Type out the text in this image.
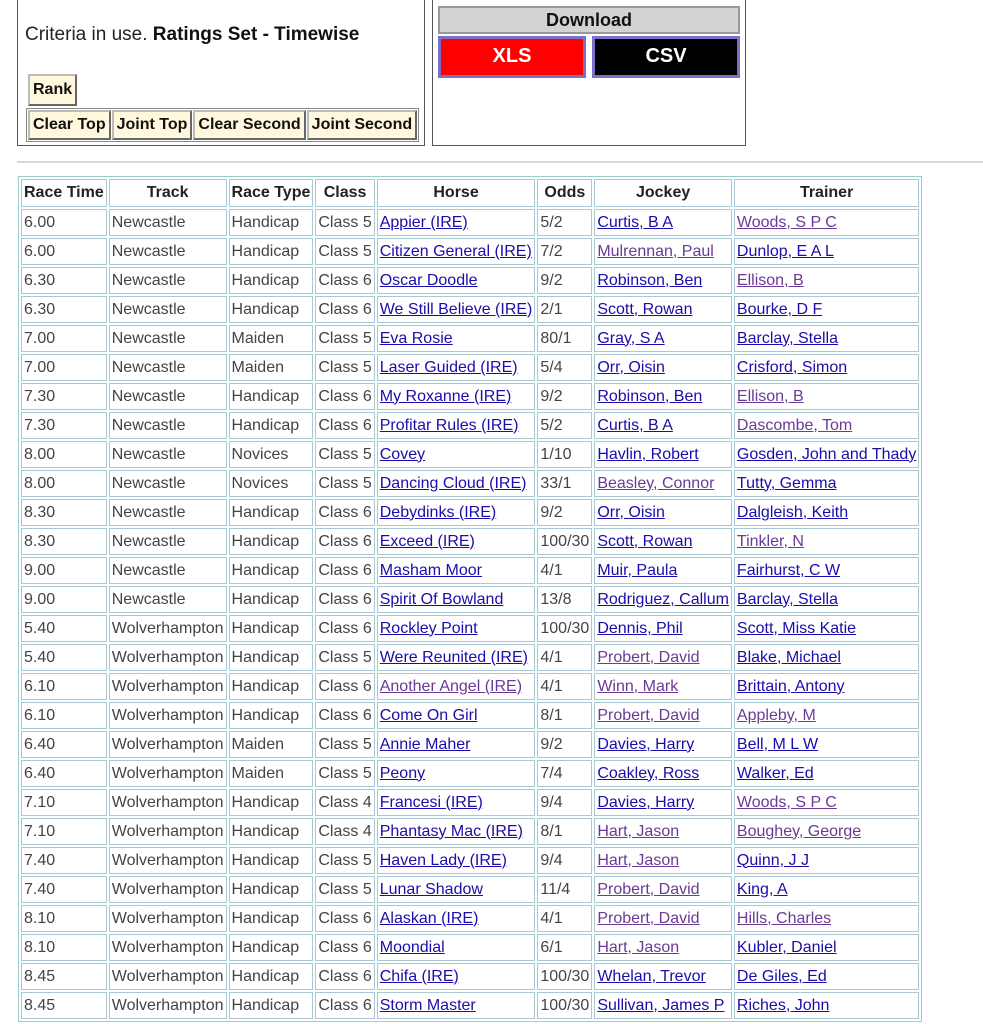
Criteria in use. Ratings Set - Timewise
Rank
Clear Top Joint Top Clear Second Joint Second
Download
XLS	CSV
Race Time	Track	Race Type	Class	Horse	Odds	Jockey	Trainer
6.00	Newcastle	Handicap	Class 5	Appier (IRE)	5/2	Curtis, B A	Woods, S P C
6.00	Newcastle	Handicap	Class 5	Citizen General (IRE)	7/2	Mulrennan, Paul	Dunlop, E A L
6.30	Newcastle	Handicap	Class 6	Oscar Doodle	9/2	Robinson, Ben	Ellison, B
6.30	Newcastle	Handicap	Class 6	We Still Believe (IRE)	2/1	Scott, Rowan	Bourke, D F
7.00	Newcastle	Maiden	Class 5	Eva Rosie	80/1	Gray, S A	Barclay, Stella
7.00	Newcastle	Maiden	Class 5	Laser Guided (IRE)	5/4	Orr, Oisin	Crisford, Simon
7.30	Newcastle	Handicap	Class 6	My Roxanne (IRE)	9/2	Robinson, Ben	Ellison, B
7.30	Newcastle	Handicap	Class 6	Profitar Rules (IRE)	5/2	Curtis, B A	Dascombe, Tom
8.00	Newcastle	Novices	Class 5	Covey	1/10	Havlin, Robert	Gosden, John and Thady
8.00	Newcastle	Novices	Class 5	Dancing Cloud (IRE)	33/1	Beasley, Connor	Tutty, Gemma
8.30	Newcastle	Handicap	Class 6	Debydinks (IRE)	9/2	Orr, Oisin	Dalgleish, Keith
8.30	Newcastle	Handicap	Class 6	Exceed (IRE)	100/30	Scott, Rowan	Tinkler, N
9.00	Newcastle	Handicap	Class 6	Masham Moor	4/1	Muir, Paula	Fairhurst, C W
9.00	Newcastle	Handicap	Class 6	Spirit Of Bowland	13/8	Rodriguez, Callum	Barclay, Stella
5.40	Wolverhampton	Handicap	Class 6	Rockley Point	100/30	Dennis, Phil	Scott, Miss Katie
5.40	Wolverhampton	Handicap	Class 5	Were Reunited (IRE)	4/1	Probert, David	Blake, Michael
6.10	Wolverhampton	Handicap	Class 6	Another Angel (IRE)	4/1	Winn, Mark	Brittain, Antony
6.10	Wolverhampton	Handicap	Class 6	Come On Girl	8/1	Probert, David	Appleby, M
6.40	Wolverhampton	Maiden	Class 5	Annie Maher	9/2	Davies, Harry	Bell, M L W
6.40	Wolverhampton	Maiden	Class 5	Peony	7/4	Coakley, Ross	Walker, Ed
7.10	Wolverhampton	Handicap	Class 4	Francesi (IRE)	9/4	Davies, Harry	Woods, S P C
7.10	Wolverhampton	Handicap	Class 4	Phantasy Mac (IRE)	8/1	Hart, Jason	Boughey, George
7.40	Wolverhampton	Handicap	Class 5	Haven Lady (IRE)	9/4	Hart, Jason	Quinn, J J
7.40	Wolverhampton	Handicap	Class 5	Lunar Shadow	11/4	Probert, David	King, A
8.10	Wolverhampton	Handicap	Class 6	Alaskan (IRE)	4/1	Probert, David	Hills, Charles
8.10	Wolverhampton	Handicap	Class 6	Moondial	6/1	Hart, Jason	Kubler, Daniel
8.45	Wolverhampton	Handicap	Class 6	Chifa (IRE)	100/30	Whelan, Trevor	De Giles, Ed
8.45	Wolverhampton	Handicap	Class 6	Storm Master	100/30	Sullivan, James P	Riches, John
